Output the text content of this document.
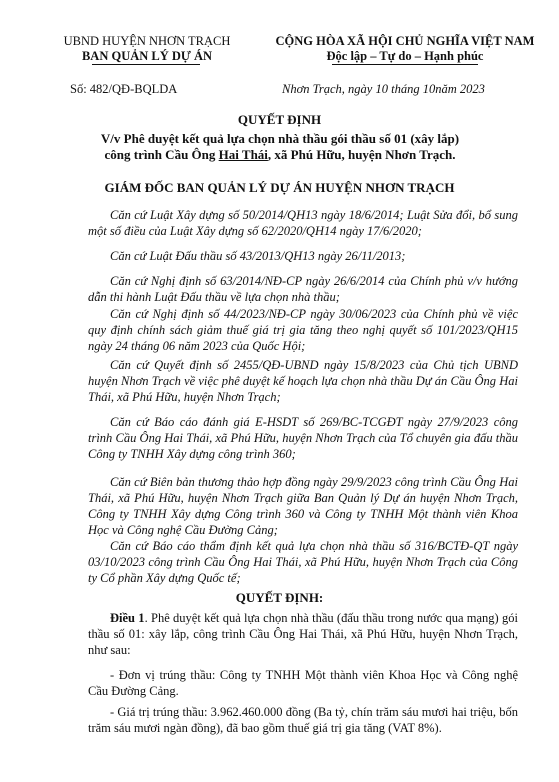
UBND HUYỆN NHƠN TRẠCH
BAN QUẢN LÝ DỰ ÁN
CỘNG HÒA XÃ HỘI CHỦ NGHĨA VIỆT NAM
Độc lập – Tự do – Hạnh phúc
Số: 482/QĐ-BQLDA	Nhơn Trạch, ngày 10 tháng 10năm 2023
QUYẾT ĐỊNH
V/v Phê duyệt kết quả lựa chọn nhà thầu gói thầu số 01 (xây lắp)
công trình Cầu Ông Hai Thái, xã Phú Hữu, huyện Nhơn Trạch.
GIÁM ĐỐC BAN QUẢN LÝ DỰ ÁN HUYỆN NHƠN TRẠCH

Căn cứ Luật Xây dựng số 50/2014/QH13 ngày 18/6/2014; Luật Sửa đổi, bổ sung một số điều của Luật Xây dựng số 62/2020/QH14 ngày 17/6/2020;

Căn cứ Luật Đấu thầu số 43/2013/QH13 ngày 26/11/2013;

Căn cứ Nghị định số 63/2014/NĐ-CP ngày 26/6/2014 của Chính phủ v/v hướng dẫn thi hành Luật Đấu thầu về lựa chọn nhà thầu;

Căn cứ Nghị định số 44/2023/NĐ-CP ngày 30/06/2023 của Chính phủ về việc quy định chính sách giảm thuế giá trị gia tăng theo nghị quyết số 101/2023/QH15 ngày 24 tháng 06 năm 2023 của Quốc Hội;

Căn cứ Quyết định số 2455/QĐ-UBND ngày 15/8/2023 của Chủ tịch UBND huyện Nhơn Trạch về việc phê duyệt kế hoạch lựa chọn nhà thầu Dự án Cầu Ông Hai Thái, xã Phú Hữu, huyện Nhơn Trạch;

Căn cứ Báo cáo đánh giá E-HSDT số 269/BC-TCGĐT ngày 27/9/2023 công trình Cầu Ông Hai Thái, xã Phú Hữu, huyện Nhơn Trạch của Tổ chuyên gia đấu thầu Công ty TNHH Xây dựng công trình 360;

Căn cứ Biên bản thương thảo hợp đồng ngày 29/9/2023 công trình Cầu Ông Hai Thái, xã Phú Hữu, huyện Nhơn Trạch giữa Ban Quản lý Dự án huyện Nhơn Trạch, Công ty TNHH Xây dựng Công trình 360 và Công ty TNHH Một thành viên Khoa Học và Công nghệ Cầu Đường Cảng;

Căn cứ Báo cáo thẩm định kết quả lựa chọn nhà thầu số 316/BCTĐ-QT ngày 03/10/2023 công trình Cầu Ông Hai Thái, xã Phú Hữu, huyện Nhơn Trạch của Công ty Cổ phần Xây dựng Quốc tế;

QUYẾT ĐỊNH:

Điều 1. Phê duyệt kết quả lựa chọn nhà thầu (đấu thầu trong nước qua mạng) gói thầu số 01: xây lắp, công trình Cầu Ông Hai Thái, xã Phú Hữu, huyện Nhơn Trạch, như sau:

- Đơn vị trúng thầu: Công ty TNHH Một thành viên Khoa Học và Công nghệ Cầu Đường Cảng.

- Giá trị trúng thầu: 3.962.460.000 đồng (Ba tỷ, chín trăm sáu mươi hai triệu, bốn trăm sáu mươi ngàn đồng), đã bao gồm thuế giá trị gia tăng (VAT 8%).
